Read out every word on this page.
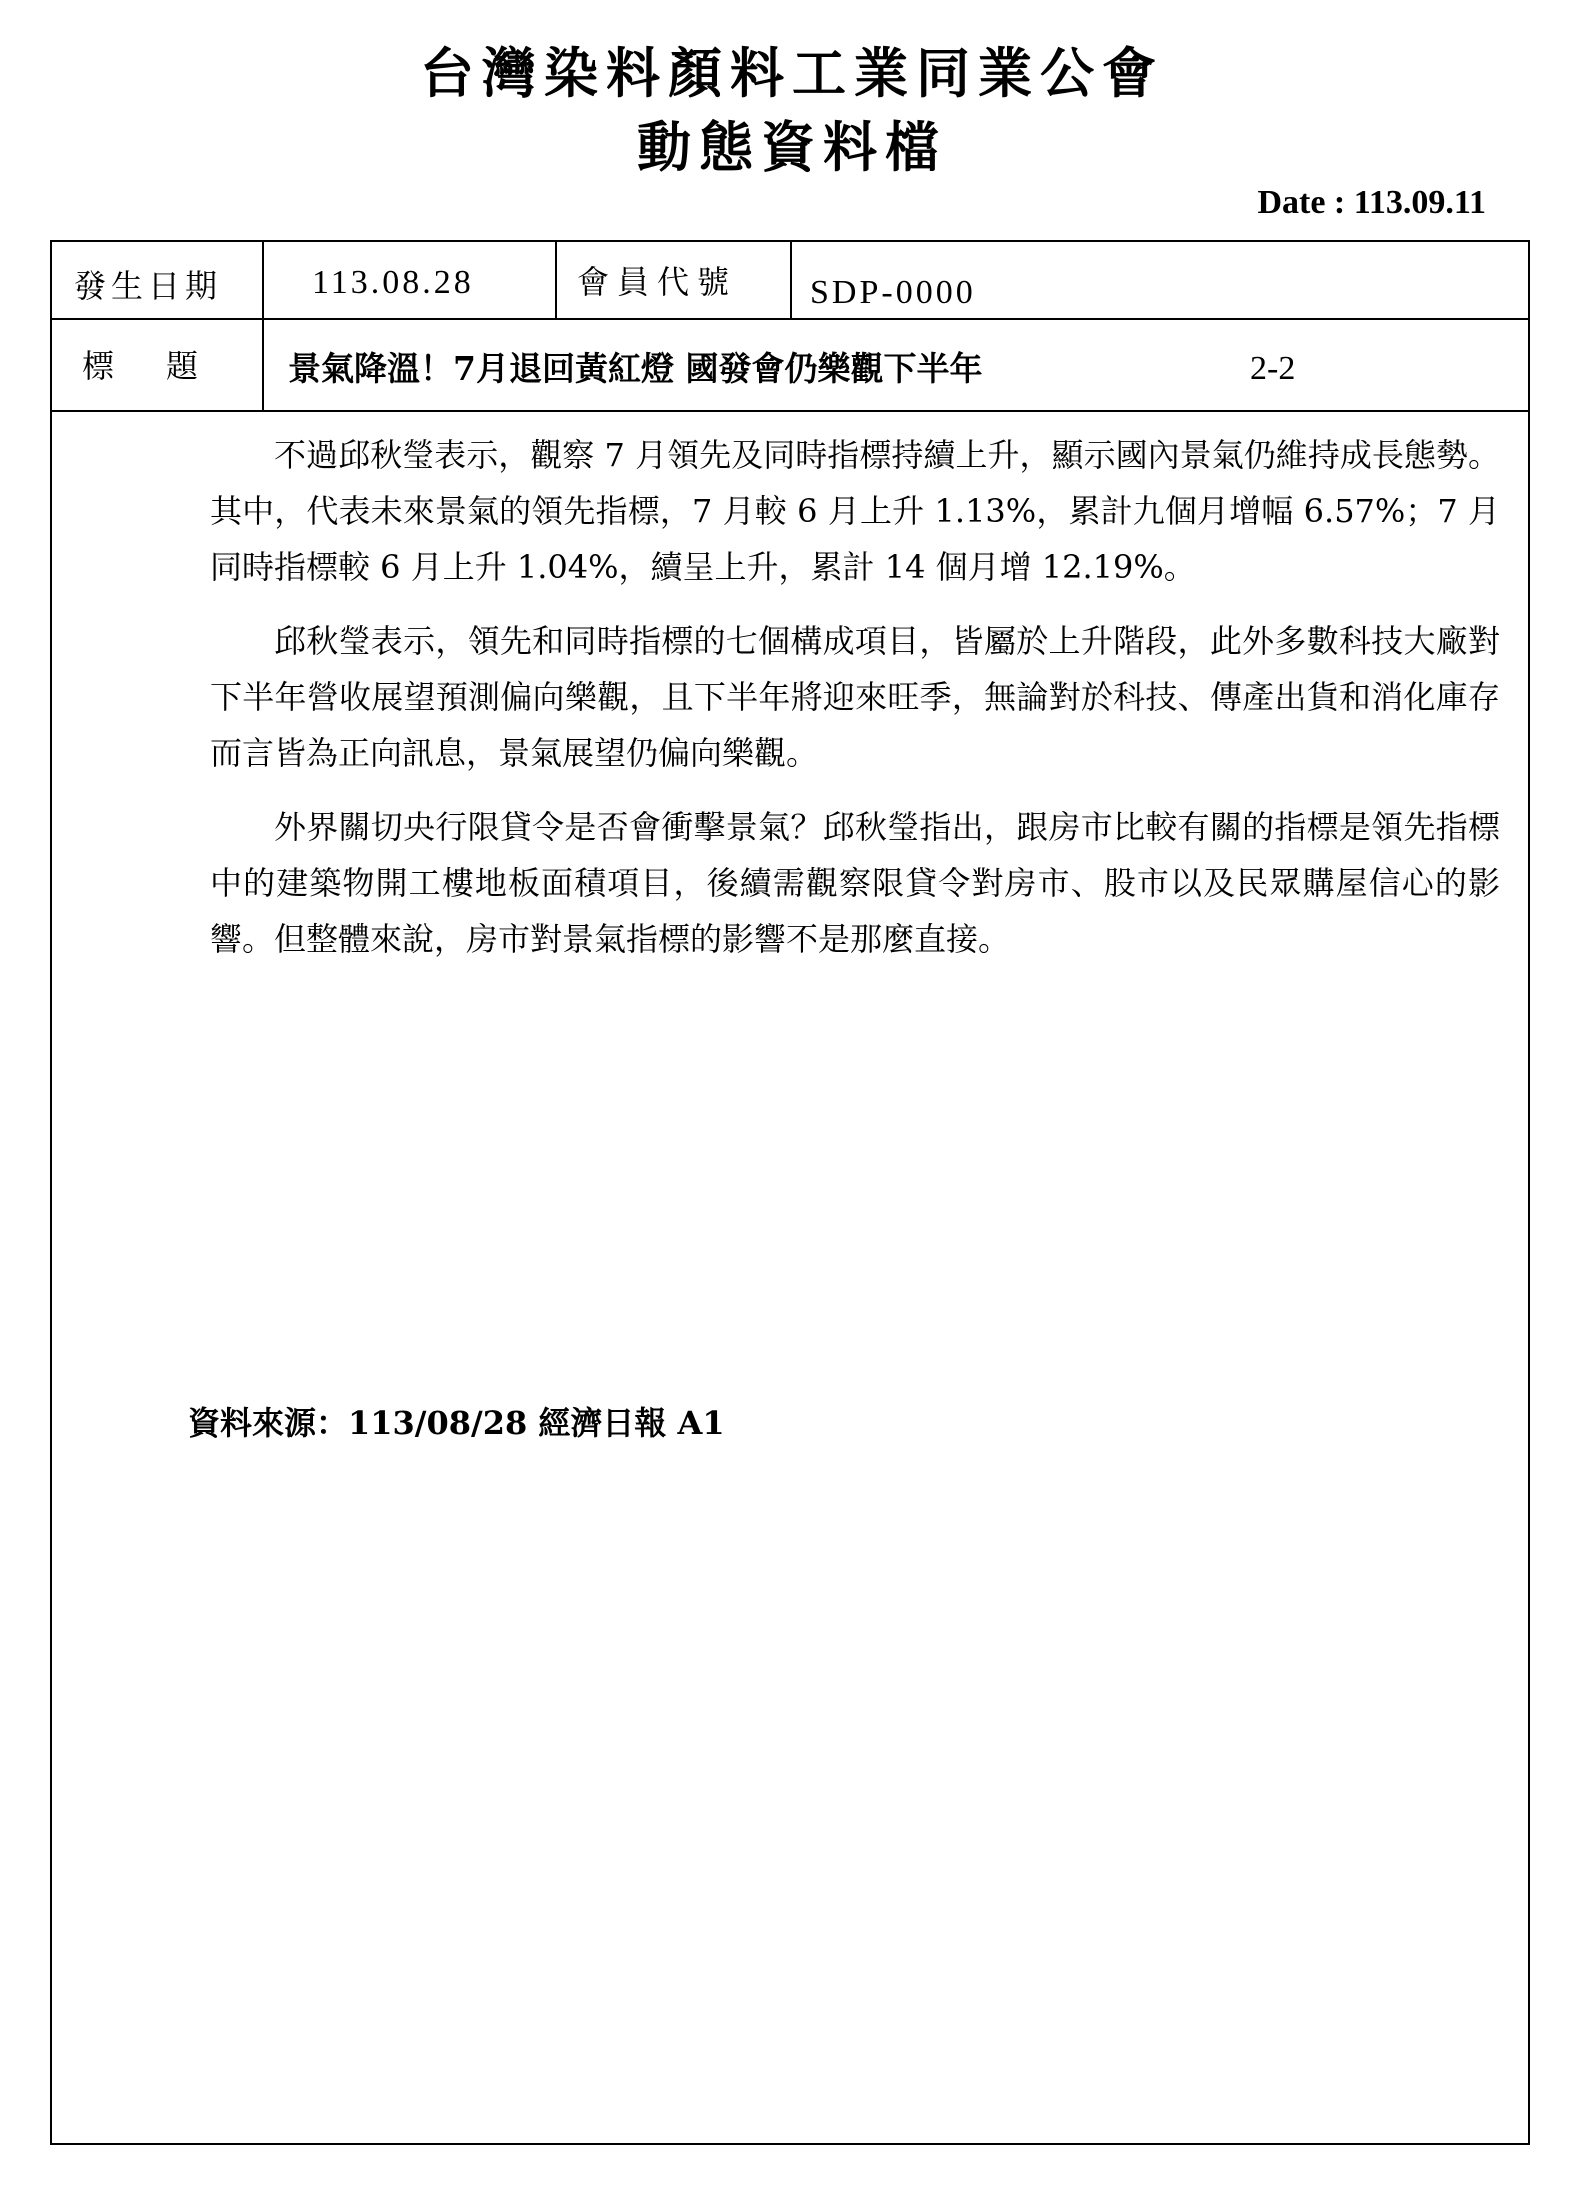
台灣染料顏料工業同業公會
動態資料檔
Date : 113.09.11
發生日期	113.08.28	會員代號 SDP-0000
標題 景氣降溫！7月退回黃紅燈 國發會仍樂觀下半年	2-2

不過邱秋瑩表示，觀察 7 月領先及同時指標持續上升，顯示國內景氣仍維持成長態勢。其中，代表未來景氣的領先指標，7 月較 6 月上升 1.13%，累計九個月增幅 6.57%；7 月同時指標較 6 月上升 1.04%，續呈上升，累計 14 個月增 12.19%。

邱秋瑩表示，領先和同時指標的七個構成項目，皆屬於上升階段，此外多數科技大廠對下半年營收展望預測偏向樂觀，且下半年將迎來旺季，無論對於科技、傳產出貨和消化庫存而言皆為正向訊息，景氣展望仍偏向樂觀。

外界關切央行限貸令是否會衝擊景氣？邱秋瑩指出，跟房市比較有關的指標是領先指標中的建築物開工樓地板面積項目，後續需觀察限貸令對房市、股市以及民眾購屋信心的影響。但整體來說，房市對景氣指標的影響不是那麼直接。

資料來源：113/08/28 經濟日報 A1
